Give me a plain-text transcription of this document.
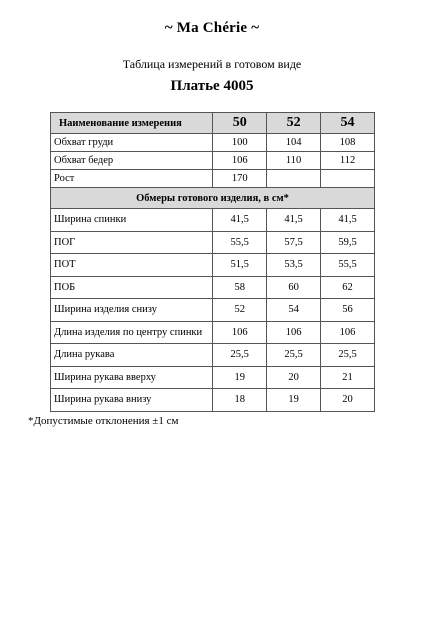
~ Ma Chérie ~
Таблица измерений в готовом виде
Платье 4005
Наименование измерения	50	52	54
Обхват груди	100	104	108
Обхват бедер	106	110	112
Рост	170		
Обмеры готового изделия, в см*			
Ширина спинки	41,5	41,5	41,5
ПОГ	55,5	57,5	59,5
ПОТ	51,5	53,5	55,5
ПОБ	58	60	62
Ширина изделия снизу	52	54	56
Длина изделия по центру спинки	106	106	106
Длина рукава	25,5	25,5	25,5
Ширина рукава вверху	19	20	21
Ширина рукава внизу	18	19	20
*Допустимые отклонения ±1 см
